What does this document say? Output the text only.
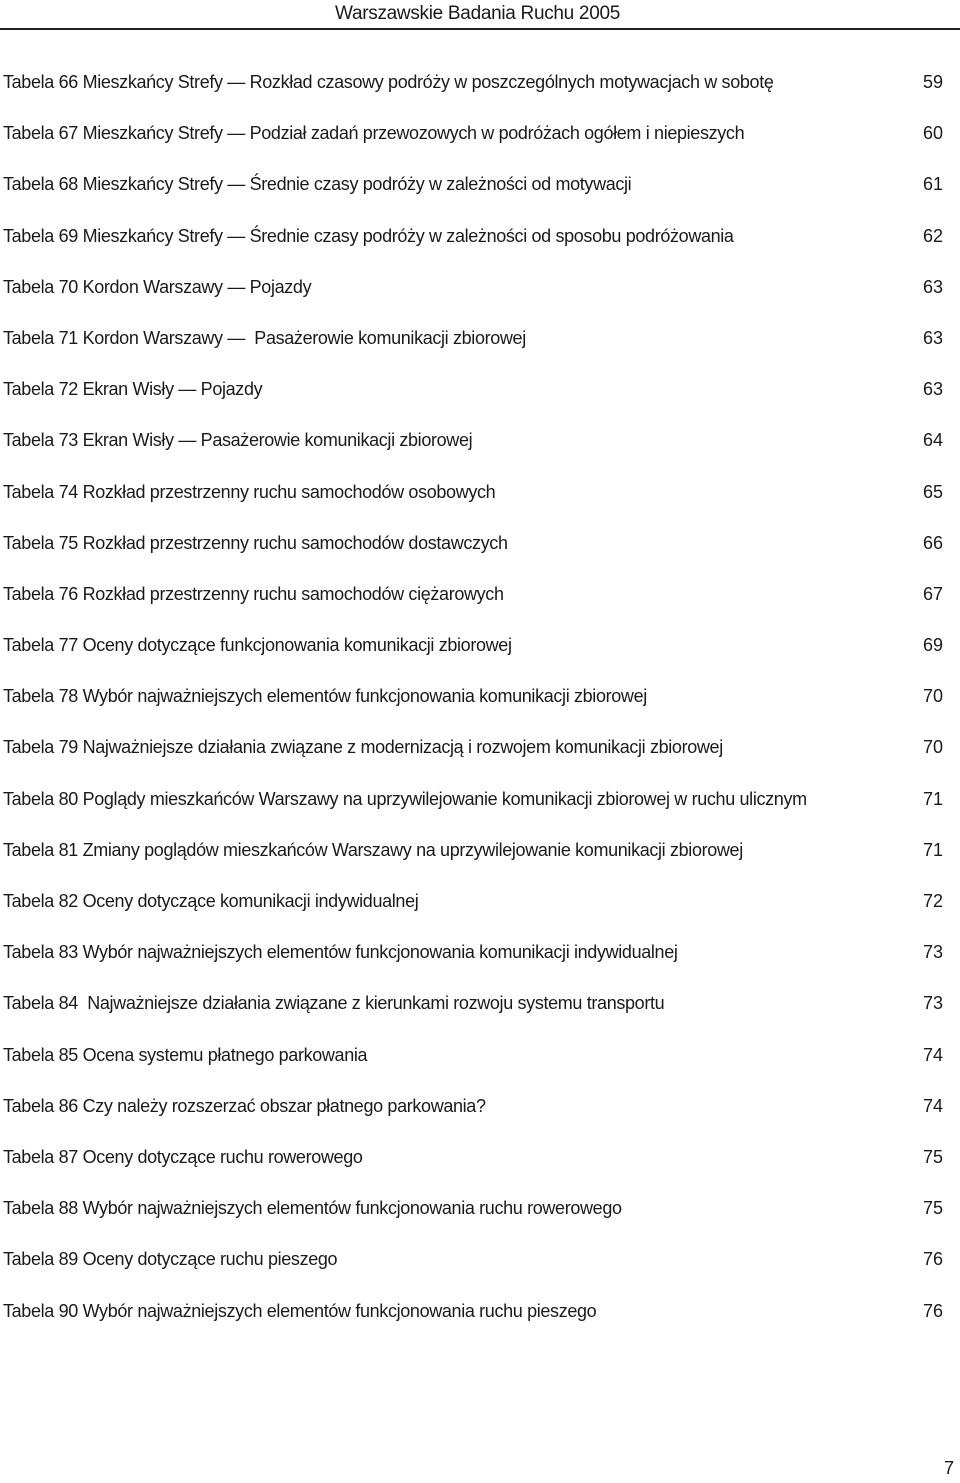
Warszawskie Badania Ruchu 2005
Tabela 66 Mieszkańcy Strefy — Rozkład czasowy podróży w poszczególnych motywacjach w sobotę	59
Tabela 67 Mieszkańcy Strefy — Podział zadań przewozowych w podróżach ogółem i niepieszych	60
Tabela 68 Mieszkańcy Strefy — Średnie czasy podróży w zależności od motywacji	61
Tabela 69 Mieszkańcy Strefy — Średnie czasy podróży w zależności od sposobu podróżowania	62
Tabela 70 Kordon Warszawy — Pojazdy	63
Tabela 71 Kordon Warszawy —  Pasażerowie komunikacji zbiorowej	63
Tabela 72 Ekran Wisły — Pojazdy	63
Tabela 73 Ekran Wisły — Pasażerowie komunikacji zbiorowej	64
Tabela 74 Rozkład przestrzenny ruchu samochodów osobowych	65
Tabela 75 Rozkład przestrzenny ruchu samochodów dostawczych	66
Tabela 76 Rozkład przestrzenny ruchu samochodów ciężarowych	67
Tabela 77 Oceny dotyczące funkcjonowania komunikacji zbiorowej	69
Tabela 78 Wybór najważniejszych elementów funkcjonowania komunikacji zbiorowej	70
Tabela 79 Najważniejsze działania związane z modernizacją i rozwojem komunikacji zbiorowej	70
Tabela 80 Poglądy mieszkańców Warszawy na uprzywilejowanie komunikacji zbiorowej w ruchu ulicznym	71
Tabela 81 Zmiany poglądów mieszkańców Warszawy na uprzywilejowanie komunikacji zbiorowej	71
Tabela 82 Oceny dotyczące komunikacji indywidualnej	72
Tabela 83 Wybór najważniejszych elementów funkcjonowania komunikacji indywidualnej	73
Tabela 84  Najważniejsze działania związane z kierunkami rozwoju systemu transportu	73
Tabela 85 Ocena systemu płatnego parkowania	74
Tabela 86 Czy należy rozszerzać obszar płatnego parkowania?	74
Tabela 87 Oceny dotyczące ruchu rowerowego	75
Tabela 88 Wybór najważniejszych elementów funkcjonowania ruchu rowerowego	75
Tabela 89 Oceny dotyczące ruchu pieszego	76
Tabela 90 Wybór najważniejszych elementów funkcjonowania ruchu pieszego	76
7
